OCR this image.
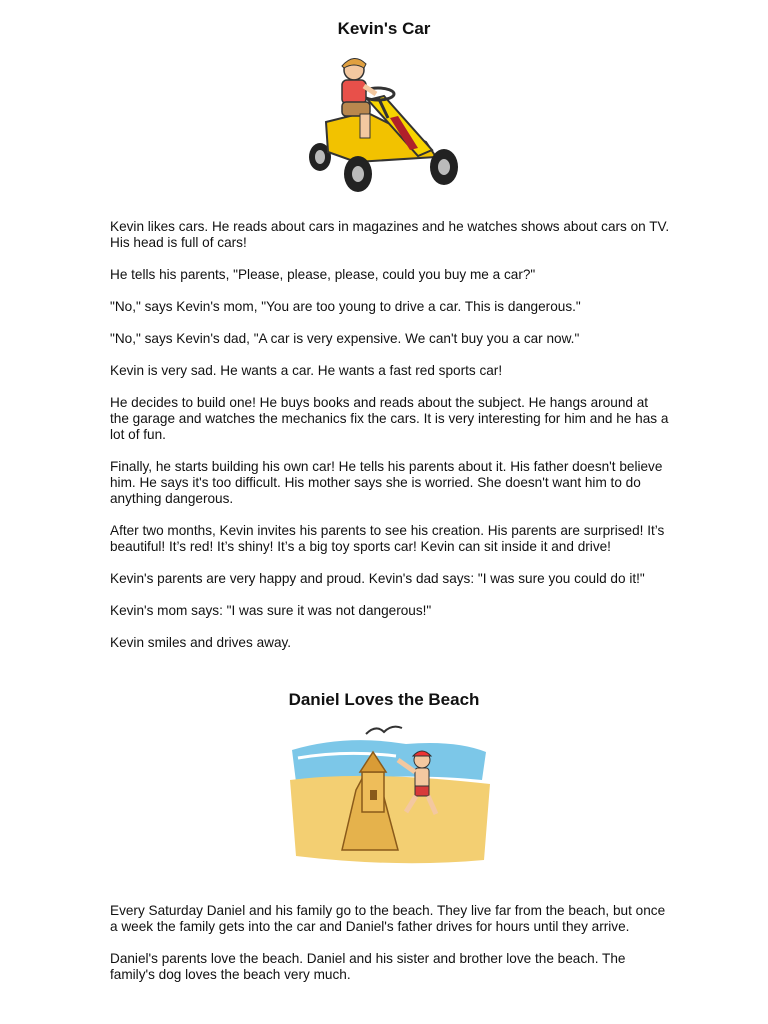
Kevin's Car

Kevin likes cars. He reads about cars in magazines and he watches shows about cars on TV. His head is full of cars!

He tells his parents, "Please, please, please, could you buy me a car?"

"No," says Kevin's mom, "You are too young to drive a car. This is dangerous."

"No," says Kevin's dad, "A car is very expensive. We can't buy you a car now."

Kevin is very sad. He wants a car. He wants a fast red sports car!

He decides to build one! He buys books and reads about the subject. He hangs around at the garage and watches the mechanics fix the cars. It is very interesting for him and he has a lot of fun.

Finally, he starts building his own car! He tells his parents about it. His father doesn't believe him. He says it's too difficult. His mother says she is worried. She doesn't want him to do anything dangerous.

After two months, Kevin invites his parents to see his creation. His parents are surprised! It’s beautiful! It’s red! It’s shiny! It’s a big toy sports car! Kevin can sit inside it and drive!

Kevin's parents are very happy and proud. Kevin's dad says: "I was sure you could do it!"

Kevin's mom says: "I was sure it was not dangerous!"

Kevin smiles and drives away.

Daniel Loves the Beach

Every Saturday Daniel and his family go to the beach. They live far from the beach, but once a week the family gets into the car and Daniel's father drives for hours until they arrive.

Daniel's parents love the beach. Daniel and his sister and brother love the beach. The family's dog loves the beach very much.
